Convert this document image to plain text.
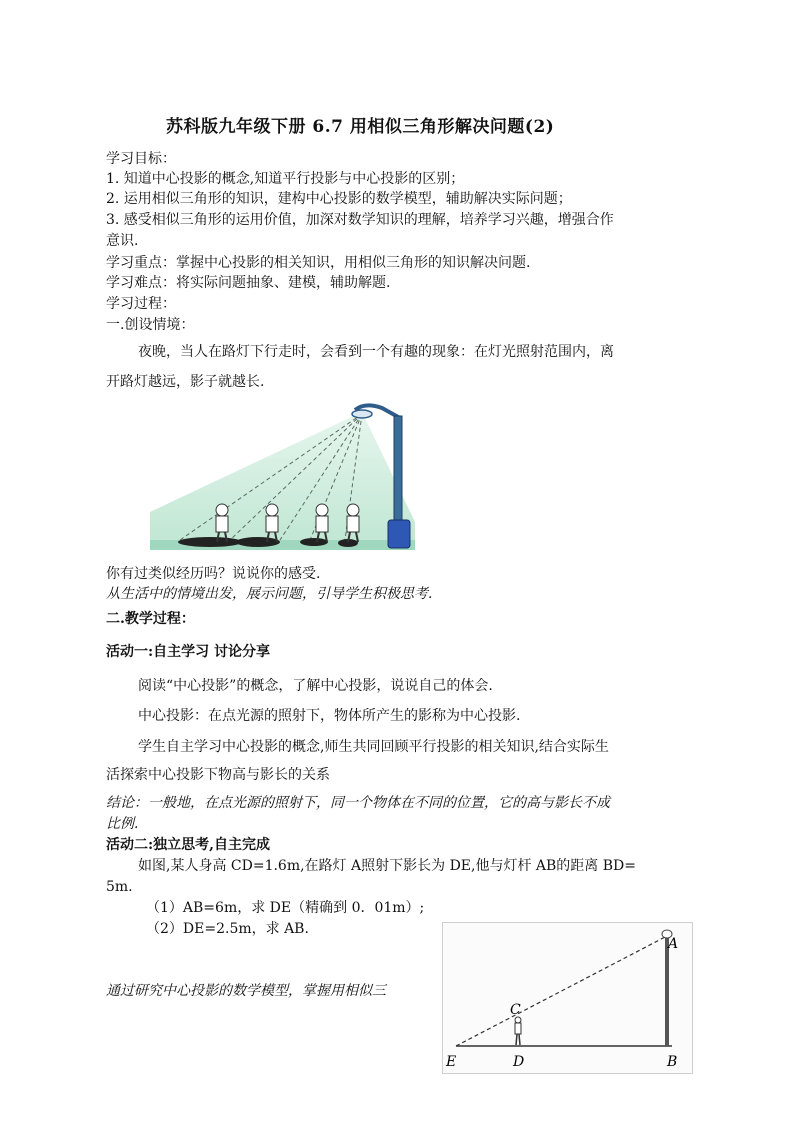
苏科版九年级下册 6.7 用相似三角形解决问题(2)
学习目标：
1. 知道中心投影的概念,知道平行投影与中心投影的区别；
2. 运用相似三角形的知识，建构中心投影的数学模型，辅助解决实际问题；
3. 感受相似三角形的运用价值，加深对数学知识的理解，培养学习兴趣，增强合作
意识.
学习重点：掌握中心投影的相关知识，用相似三角形的知识解决问题.
学习难点：将实际问题抽象、建模，辅助解题.
学习过程：
一.创设情境：
夜晚，当人在路灯下行走时，会看到一个有趣的现象：在灯光照射范围内，离
开路灯越远，影子就越长.
你有过类似经历吗？说说你的感受.
从生活中的情境出发，展示问题，引导学生积极思考.
二.教学过程：
活动一:自主学习 讨论分享
阅读“中心投影”的概念，了解中心投影，说说自己的体会.
中心投影：在点光源的照射下，物体所产生的影称为中心投影.
学生自主学习中心投影的概念,师生共同回顾平行投影的相关知识,结合实际生
活探索中心投影下物高与影长的关系
结论：一般地，在点光源的照射下，同一个物体在不同的位置，它的高与影长不成
比例.
活动二:独立思考,自主完成
如图,某人身高 CD=1.6m,在路灯 A照射下影长为 DE,他与灯杆 AB的距离 BD=
5m.
（1）AB=6m，求 DE（精确到 0．01m）;
（2）DE=2.5m，求 AB.
通过研究中心投影的数学模型，掌握用相似三
A
B
C
D
E
